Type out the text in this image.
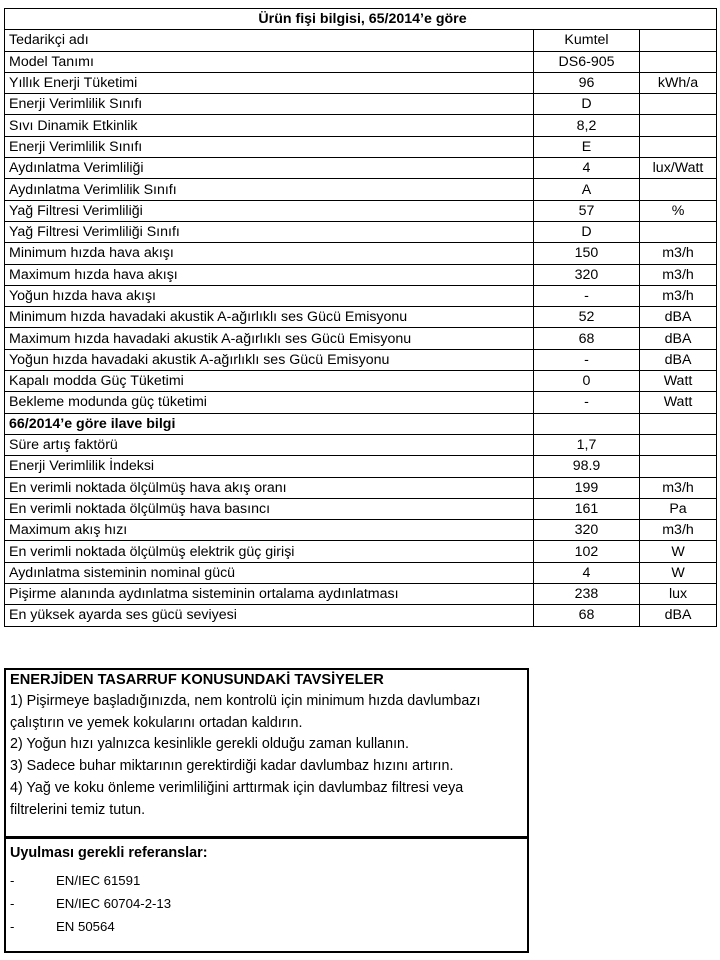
Ürün fişi bilgisi, 65/2014’e göre		
Tedarikçi adı	Kumtel	
Model Tanımı	DS6-905	
Yıllık Enerji Tüketimi	96	kWh/a
Enerji Verimlilik Sınıfı	D	
Sıvı Dinamik Etkinlik	8,2	
Enerji Verimlilik Sınıfı	E	
Aydınlatma Verimliliği	4	lux/Watt
Aydınlatma Verimlilik Sınıfı	A	
Yağ Filtresi Verimliliği	57	%
Yağ Filtresi Verimliliği Sınıfı	D	
Minimum hızda hava akışı	150	m3/h
Maximum hızda hava akışı	320	m3/h
Yoğun hızda hava akışı	-	m3/h
Minimum hızda havadaki akustik A-ağırlıklı ses Gücü Emisyonu	52	dBA
Maximum hızda havadaki akustik A-ağırlıklı ses Gücü Emisyonu	68	dBA
Yoğun hızda havadaki akustik A-ağırlıklı ses Gücü Emisyonu	-	dBA
Kapalı modda Güç Tüketimi	0	Watt
Bekleme modunda güç tüketimi	-	Watt
66/2014’e göre ilave bilgi		
Süre artış faktörü	1,7	
Enerji Verimlilik İndeksi	98.9	
En verimli noktada ölçülmüş hava akış oranı	199	m3/h
En verimli noktada ölçülmüş hava basıncı	161	Pa
Maximum akış hızı	320	m3/h
En verimli noktada ölçülmüş elektrik güç girişi	102	W
Aydınlatma sisteminin nominal gücü	4	W
Pişirme alanında aydınlatma sisteminin ortalama aydınlatması	238	lux
En yüksek ayarda ses gücü seviyesi	68	dBA
ENERJİDEN TASARRUF KONUSUNDAKİ TAVSİYELER
1) Pişirmeye başladığınızda, nem kontrolü için minimum hızda davlumbazı
çalıştırın ve yemek kokularını ortadan kaldırın.
2) Yoğun hızı yalnızca kesinlikle gerekli olduğu zaman kullanın.
3) Sadece buhar miktarının gerektirdiği kadar davlumbaz hızını artırın.
4) Yağ ve koku önleme verimliliğini arttırmak için davlumbaz filtresi veya
filtrelerini temiz tutun.
Uyulması gerekli referanslar:
-	EN/IEC 61591
-	EN/IEC 60704-2-13
-	EN 50564
